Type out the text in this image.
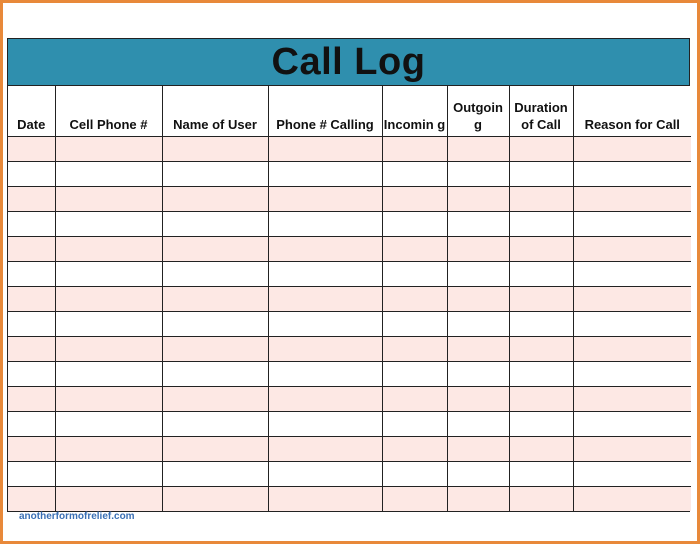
Call Log
Date	Cell Phone #	Name of User	Phone # Calling	Incomin g	Outgoin g	Duration of Call	Reason for Call

anotherformofrelief.com
